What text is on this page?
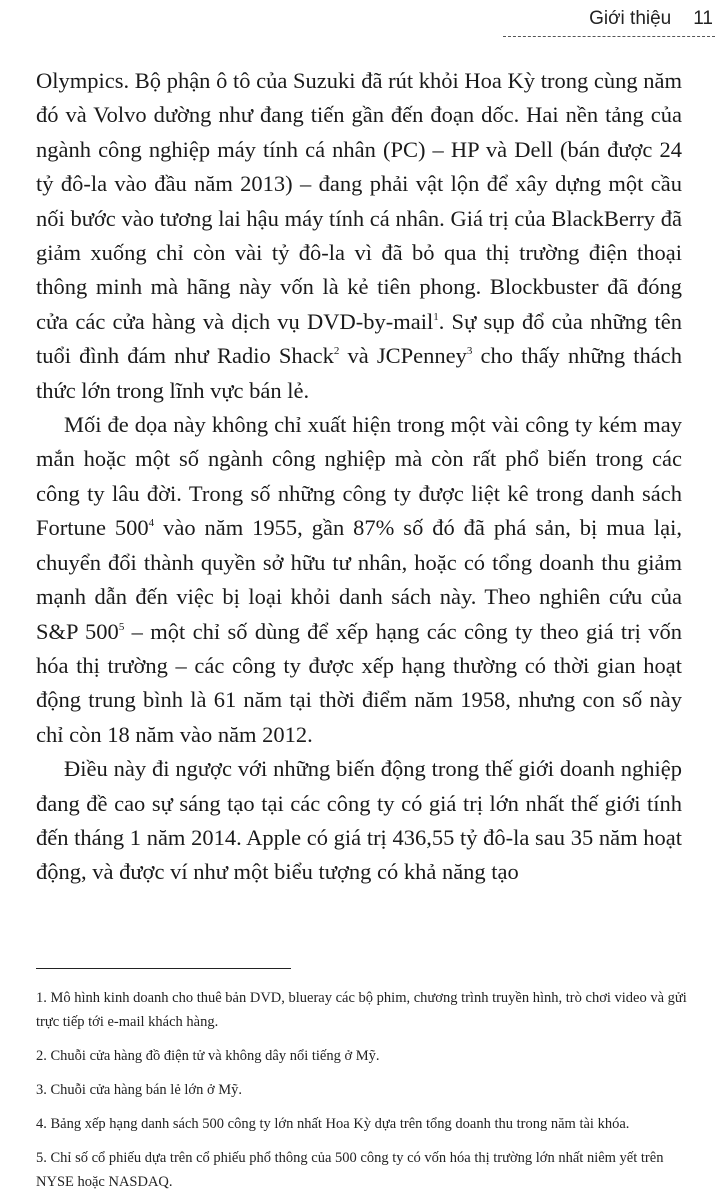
Giới thiệu 11

Olympics. Bộ phận ô tô của Suzuki đã rút khỏi Hoa Kỳ trong cùng năm đó và Volvo dường như đang tiến gần đến đoạn dốc. Hai nền tảng của ngành công nghiệp máy tính cá nhân (PC) – HP và Dell (bán được 24 tỷ đô-la vào đầu năm 2013) – đang phải vật lộn để xây dựng một cầu nối bước vào tương lai hậu máy tính cá nhân. Giá trị của BlackBerry đã giảm xuống chỉ còn vài tỷ đô-la vì đã bỏ qua thị trường điện thoại thông minh mà hãng này vốn là kẻ tiên phong. Blockbuster đã đóng cửa các cửa hàng và dịch vụ DVD-by-mail$^1$. Sự sụp đổ của những tên tuổi đình đám như Radio Shack$^2$ và JCPenney$^3$ cho thấy những thách thức lớn trong lĩnh vực bán lẻ.

Mối đe dọa này không chỉ xuất hiện trong một vài công ty kém may mắn hoặc một số ngành công nghiệp mà còn rất phổ biến trong các công ty lâu đời. Trong số những công ty được liệt kê trong danh sách Fortune $500^4$ vào năm 1955, gần 87% số đó đã phá sản, bị mua lại, chuyển đổi thành quyền sở hữu tư nhân, hoặc có tổng doanh thu giảm mạnh dẫn đến việc bị loại khỏi danh sách này. Theo nghiên cứu của S&P $500^5$ – một chỉ số dùng để xếp hạng các công ty theo giá trị vốn hóa thị trường – các công ty được xếp hạng thường có thời gian hoạt động trung bình là 61 năm tại thời điểm năm 1958, nhưng con số này chỉ còn 18 năm vào năm 2012.

Điều này đi ngược với những biến động trong thế giới doanh nghiệp đang đề cao sự sáng tạo tại các công ty có giá trị lớn nhất thế giới tính đến tháng 1 năm 2014. Apple có giá trị 436,55 tỷ đô-la sau 35 năm hoạt động, và được ví như một biểu tượng có khả năng tạo

1. Mô hình kinh doanh cho thuê bản DVD, blueray các bộ phim, chương trình truyền hình, trò chơi video và gửi trực tiếp tới e-mail khách hàng.

2. Chuỗi cửa hàng đồ điện tử và không dây nổi tiếng ở Mỹ.

3. Chuỗi cửa hàng bán lẻ lớn ở Mỹ.

4. Bảng xếp hạng danh sách 500 công ty lớn nhất Hoa Kỳ dựa trên tổng doanh thu trong năm tài khóa.

5. Chỉ số cổ phiếu dựa trên cổ phiếu phổ thông của 500 công ty có vốn hóa thị trường lớn nhất niêm yết trên NYSE hoặc NASDAQ.
